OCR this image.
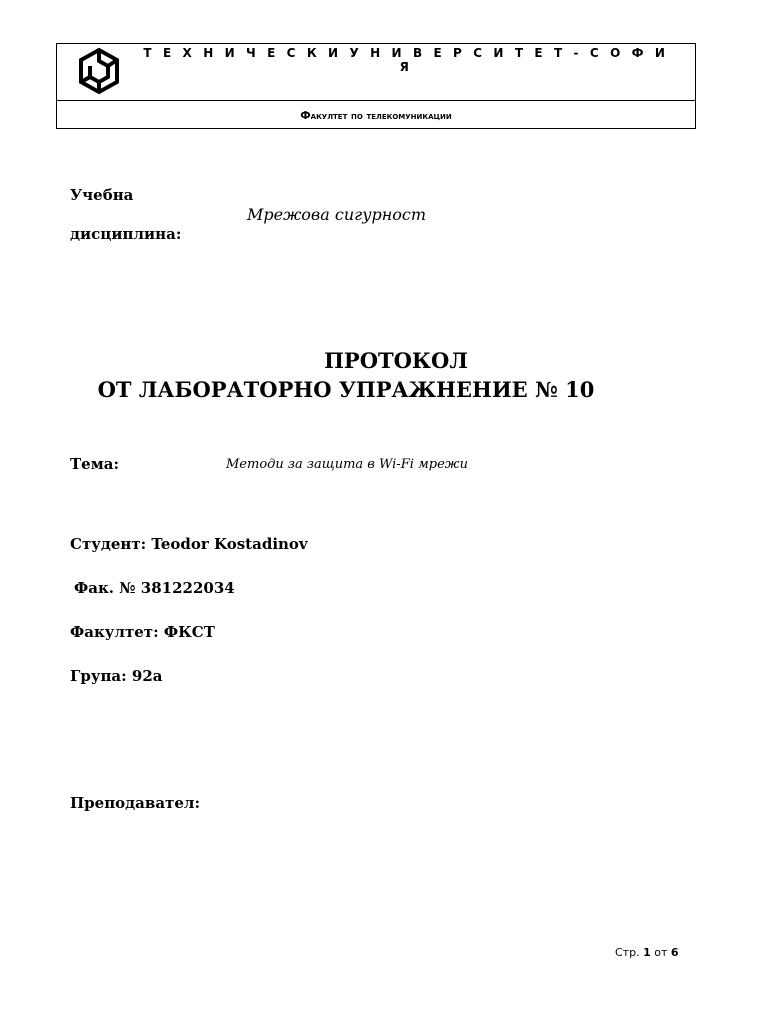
Т Е Х Н И Ч Е С К И У Н И В Е Р С И Т Е Т - С О Ф И Я
Факултет по телекомуникации
Учебна
дисциплина:
Мрежова сигурност
ПРОТОКОЛ
ОТ ЛАБОРАТОРНО УПРАЖНЕНИЕ № 10
Тема:	Методи за защита в Wi-Fi мрежи
Студент: Teodor Kostadinov
Фак. № 381222034
Факултет: ФКСТ
Група: 92а
Преподавател:
Стр. 1 от 6
